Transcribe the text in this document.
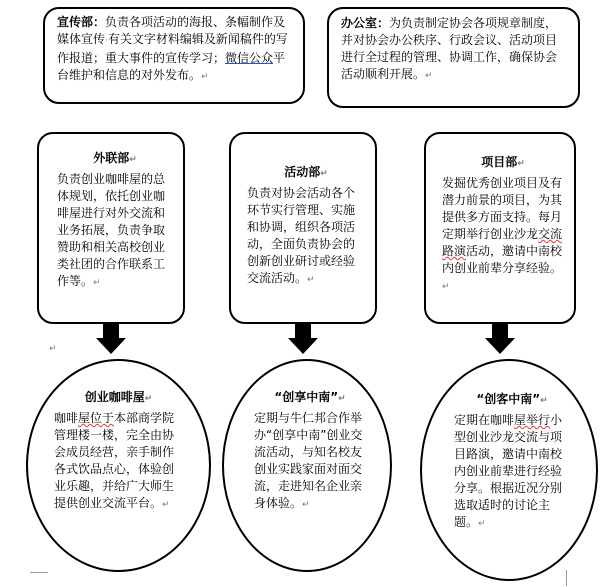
宣传部：负责各项活动的海报、条幅制作及媒体宣传·有关文字材料编辑及新闻稿件的写作报道；重大事件的宣传学习；微信公众平台维护和信息的对外发布。↵
办公室：为负责制定协会各项规章制度，并对协会办公秩序、行政会议、活动项目进行全过程的管理、协调工作，确保协会活动顺利开展。↵
外联部↵
负责创业咖啡屋的总体规划，依托创业咖啡屋进行对外交流和业务拓展，负责争取赞助和相关高校创业类社团的合作联系工作等。↵
活动部↵
负责对协会活动各个环节实行管理、实施和协调，组织各项活动，全面负责协会的创新创业研讨或经验交流活动。↵
项目部↵
发掘优秀创业项目及有潜力前景的项目，为其提供多方面支持。每月定期举行创业沙龙交流路演活动，邀请中南校内创业前辈分享经验。↵
↵
创业咖啡屋↵
咖啡屋位于本部商学院管理楼一楼，完全由协会成员经营，亲手制作各式饮品点心，体验创业乐趣，并给广大师生提供创业交流平台。↵
“创享中南”↵
定期与牛仁邦合作举办“创享中南”创业交流活动，与知名校友创业实践家面对面交流，走进知名企业亲身体验。↵
“创客中南”↵
定期在咖啡屋举行小型创业沙龙交流与项目路演，邀请中南校内创业前辈进行经验分享。根据近况分别选取适时的讨论主题。↵
